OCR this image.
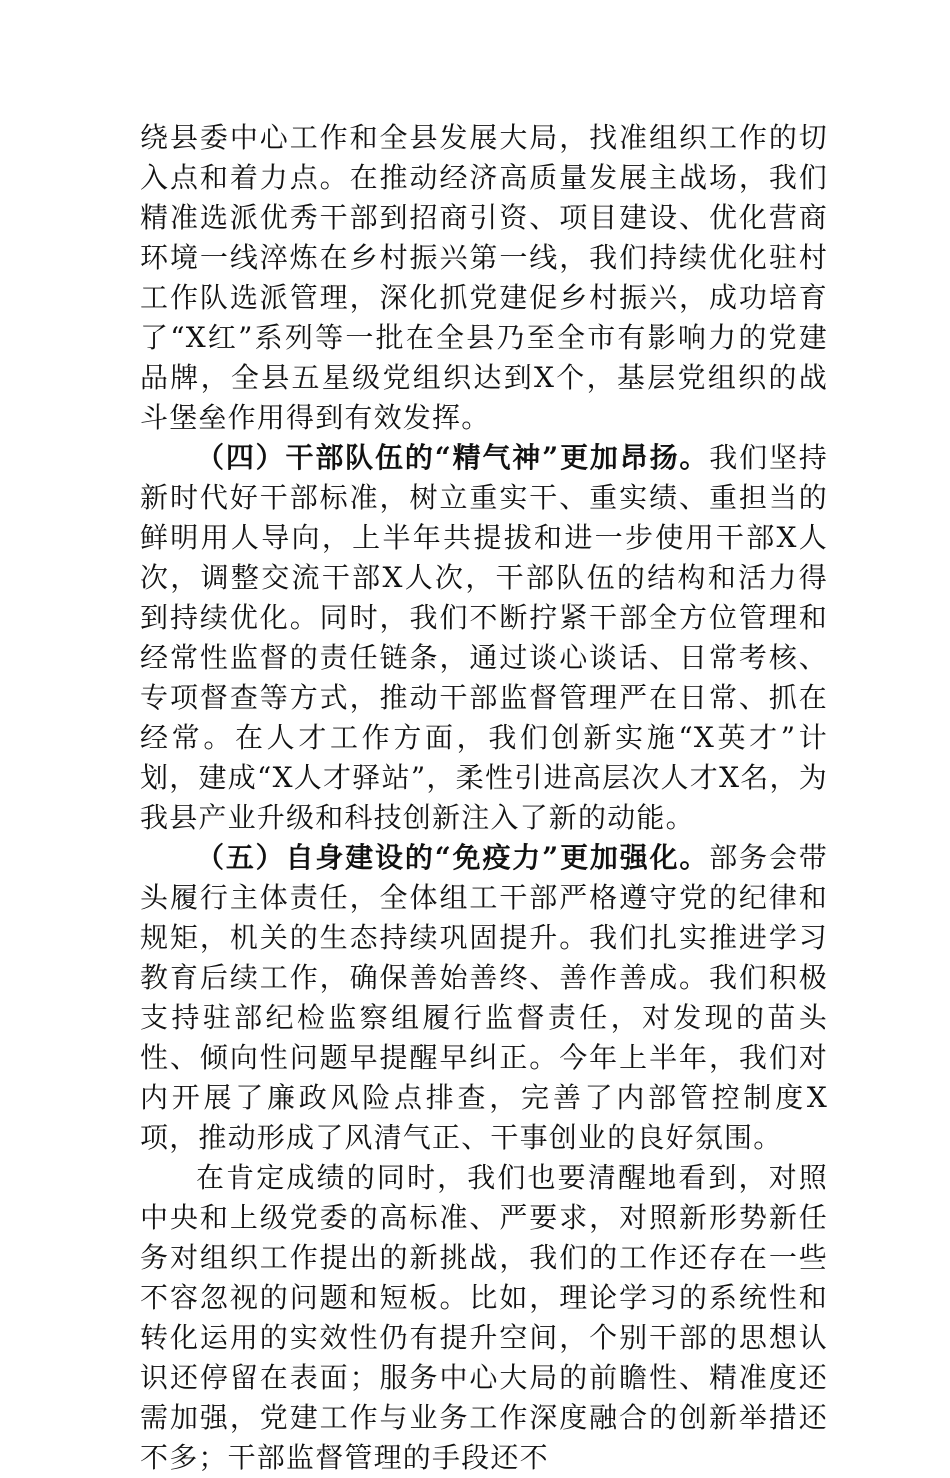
绕县委中心工作和全县发展大局，找准组织工作的切入点和着力点。在推动经济高质量发展主战场，我们精准选派优秀干部到招商引资、项目建设、优化营商环境一线淬炼在乡村振兴第一线，我们持续优化驻村工作队选派管理，深化抓党建促乡村振兴，成功培育了“X红”系列等一批在全县乃至全市有影响力的党建品牌，全县五星级党组织达到X个，基层党组织的战斗堡垒作用得到有效发挥。

（四）干部队伍的“精气神”更加昂扬。我们坚持新时代好干部标准，树立重实干、重实绩、重担当的鲜明用人导向，上半年共提拔和进一步使用干部X人次，调整交流干部X人次，干部队伍的结构和活力得到持续优化。同时，我们不断拧紧干部全方位管理和经常性监督的责任链条，通过谈心谈话、日常考核、专项督查等方式，推动干部监督管理严在日常、抓在经常。在人才工作方面，我们创新实施“X英才”计划，建成“X人才驿站”，柔性引进高层次人才X名，为我县产业升级和科技创新注入了新的动能。

（五）自身建设的“免疫力”更加强化。部务会带头履行主体责任，全体组工干部严格遵守党的纪律和规矩，机关的生态持续巩固提升。我们扎实推进学习教育后续工作，确保善始善终、善作善成。我们积极支持驻部纪检监察组履行监督责任，对发现的苗头性、倾向性问题早提醒早纠正。今年上半年，我们对内开展了廉政风险点排查，完善了内部管控制度X项，推动形成了风清气正、干事创业的良好氛围。

在肯定成绩的同时，我们也要清醒地看到，对照中央和上级党委的高标准、严要求，对照新形势新任务对组织工作提出的新挑战，我们的工作还存在一些不容忽视的问题和短板。比如，理论学习的系统性和转化运用的实效性仍有提升空间，个别干部的思想认识还停留在表面；服务中心大局的前瞻性、精准度还需加强，党建工作与业务工作深度融合的创新举措还不多；干部监督管理的手段还不
